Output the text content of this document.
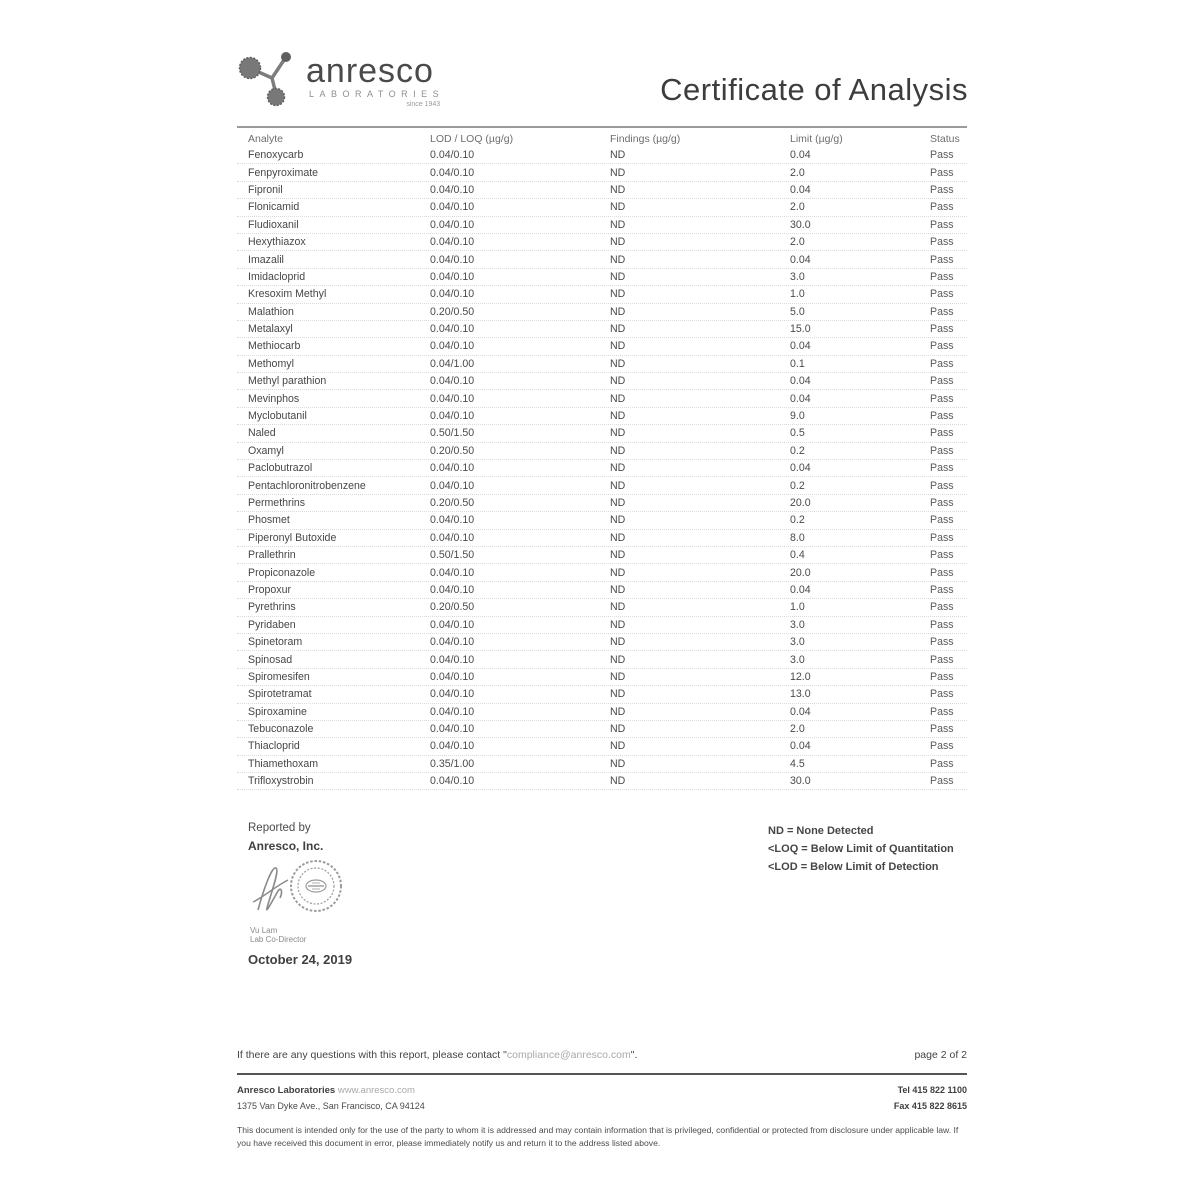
anresco
LABORATORIES
since 1943	Certificate of Analysis
Analyte	LOD / LOQ (µg/g)	Findings (µg/g)	Limit (µg/g)	Status
Fenoxycarb	0.04/0.10	ND	0.04	Pass
Fenpyroximate	0.04/0.10	ND	2.0	Pass
Fipronil	0.04/0.10	ND	0.04	Pass
Flonicamid	0.04/0.10	ND	2.0	Pass
Fludioxanil	0.04/0.10	ND	30.0	Pass
Hexythiazox	0.04/0.10	ND	2.0	Pass
Imazalil	0.04/0.10	ND	0.04	Pass
Imidacloprid	0.04/0.10	ND	3.0	Pass
Kresoxim Methyl	0.04/0.10	ND	1.0	Pass
Malathion	0.20/0.50	ND	5.0	Pass
Metalaxyl	0.04/0.10	ND	15.0	Pass
Methiocarb	0.04/0.10	ND	0.04	Pass
Methomyl	0.04/1.00	ND	0.1	Pass
Methyl parathion	0.04/0.10	ND	0.04	Pass
Mevinphos	0.04/0.10	ND	0.04	Pass
Myclobutanil	0.04/0.10	ND	9.0	Pass
Naled	0.50/1.50	ND	0.5	Pass
Oxamyl	0.20/0.50	ND	0.2	Pass
Paclobutrazol	0.04/0.10	ND	0.04	Pass
Pentachloronitrobenzene	0.04/0.10	ND	0.2	Pass
Permethrins	0.20/0.50	ND	20.0	Pass
Phosmet	0.04/0.10	ND	0.2	Pass
Piperonyl Butoxide	0.04/0.10	ND	8.0	Pass
Prallethrin	0.50/1.50	ND	0.4	Pass
Propiconazole	0.04/0.10	ND	20.0	Pass
Propoxur	0.04/0.10	ND	0.04	Pass
Pyrethrins	0.20/0.50	ND	1.0	Pass
Pyridaben	0.04/0.10	ND	3.0	Pass
Spinetoram	0.04/0.10	ND	3.0	Pass
Spinosad	0.04/0.10	ND	3.0	Pass
Spiromesifen	0.04/0.10	ND	12.0	Pass
Spirotetramat	0.04/0.10	ND	13.0	Pass
Spiroxamine	0.04/0.10	ND	0.04	Pass
Tebuconazole	0.04/0.10	ND	2.0	Pass
Thiacloprid	0.04/0.10	ND	0.04	Pass
Thiamethoxam	0.35/1.00	ND	4.5	Pass
Trifloxystrobin	0.04/0.10	ND	30.0	Pass
Reported by
Anresco, Inc.
ND = None Detected
<LOQ = Below Limit of Quantitation
<LOD = Below Limit of Detection
Vu Lam
Lab Co-Director
October 24, 2019
If there are any questions with this report, please contact "compliance@anresco.com".	page 2 of 2
Anresco Laboratories www.anresco.com	Tel 415 822 1100
1375 Van Dyke Ave., San Francisco, CA 94124	Fax 415 822 8615
This document is intended only for the use of the party to whom it is addressed and may contain information that is privileged, confidential or protected from disclosure under applicable law. If you have received this document in error, please immediately notify us and return it to the address listed above.
